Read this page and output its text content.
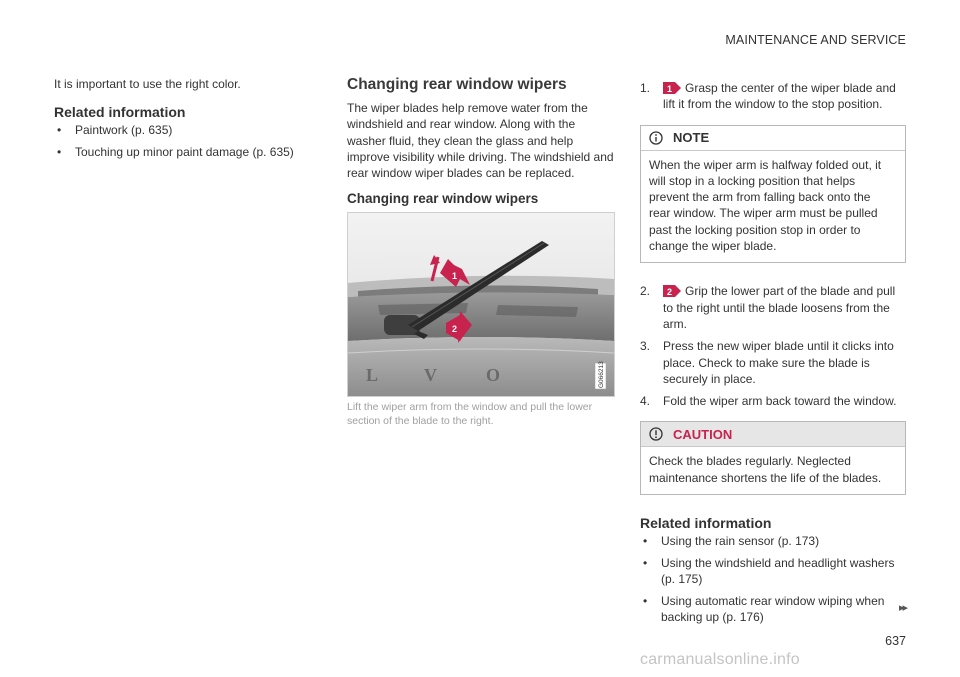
MAINTENANCE AND SERVICE

It is important to use the right color.

Related information
• Paintwork (p. 635)
• Touching up minor paint damage (p. 635)
Changing rear window wipers

The wiper blades help remove water from the windshield and rear window. Along with the washer fluid, they clean the glass and help improve visibility while driving. The windshield and rear window wiper blades can be replaced.

Changing rear window wipers
L	V	O
1
2
G066213

Lift the wiper arm from the window and pull the lower section of the blade to the right.

1. 1 Grasp the center of the wiper blade and lift it from the window to the stop position.
NOTE
When the wiper arm is halfway folded out, it will stop in a locking position that helps prevent the arm from falling back onto the rear window. The wiper arm must be pulled past the locking position stop in order to change the wiper blade.
2. 2 Grip the lower part of the blade and pull to the right until the blade loosens from the arm.
3. Press the new wiper blade until it clicks into place. Check to make sure the blade is securely in place.
4. Fold the wiper arm back toward the window.
CAUTION
Check the blades regularly. Neglected maintenance shortens the life of the blades.
Related information
• Using the rain sensor (p. 173)
• Using the windshield and headlight washers (p. 175)
• Using automatic rear window wiping when backing up (p. 176)
▸▸
637
carmanualsonline.info
